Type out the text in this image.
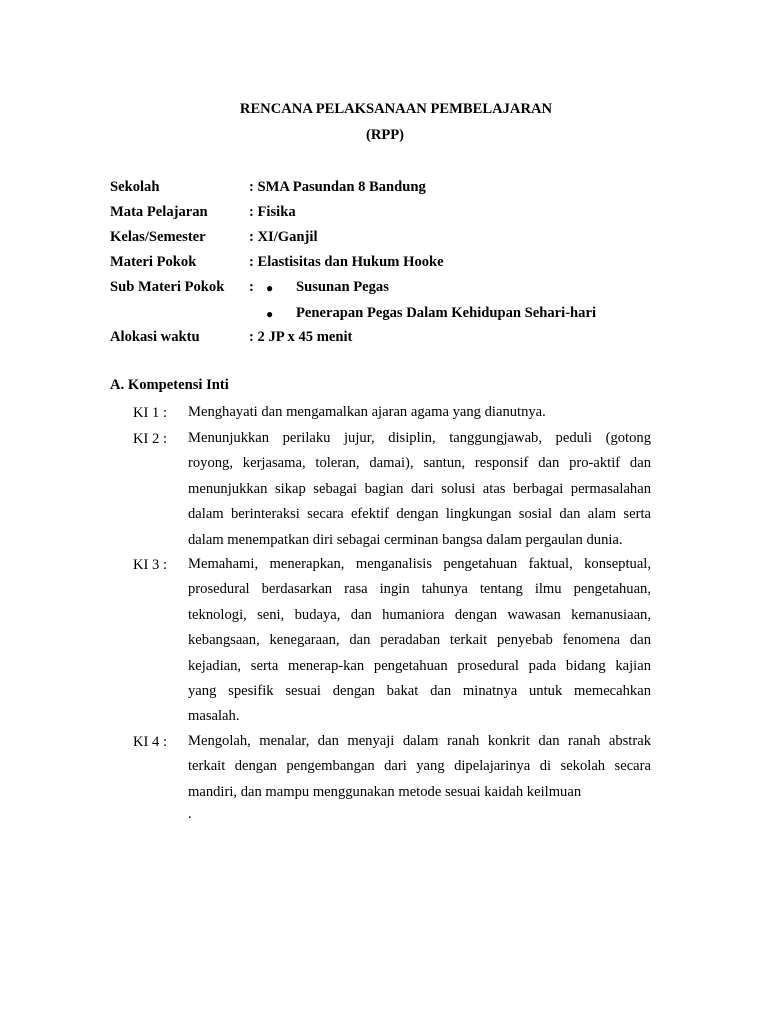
RENCANA PELAKSANAAN PEMBELAJARAN
(RPP)
Sekolah	: SMA Pasundan 8 Bandung
Mata Pelajaran	: Fisika
Kelas/Semester	: XI/Ganjil
Materi Pokok	: Elastisitas dan Hukum Hooke
Sub Materi Pokok : ● Susunan Pegas
● Penerapan Pegas Dalam Kehidupan Sehari-hari
Alokasi waktu	: 2 JP x 45 menit
A. Kompetensi Inti
KI 1 : Menghayati dan mengamalkan ajaran agama yang dianutnya.
KI 2 : Menunjukkan perilaku jujur, disiplin, tanggungjawab, peduli (gotong
royong, kerjasama, toleran, damai), santun, responsif dan pro-aktif dan
menunjukkan sikap sebagai bagian dari solusi atas berbagai permasalahan
dalam berinteraksi secara efektif dengan lingkungan sosial dan alam serta
dalam menempatkan diri sebagai cerminan bangsa dalam pergaulan dunia.
KI 3 : Memahami, menerapkan, menganalisis pengetahuan faktual, konseptual,
prosedural berdasarkan rasa ingin tahunya tentang ilmu pengetahuan,
teknologi, seni, budaya, dan humaniora dengan wawasan kemanusiaan,
kebangsaan, kenegaraan, dan peradaban terkait penyebab fenomena dan
kejadian, serta menerap-kan pengetahuan prosedural pada bidang kajian
yang spesifik sesuai dengan bakat dan minatnya untuk memecahkan
masalah.
KI 4 : Mengolah, menalar, dan menyaji dalam ranah konkrit dan ranah abstrak
terkait dengan pengembangan dari yang dipelajarinya di sekolah secara
mandiri, dan mampu menggunakan metode sesuai kaidah keilmuan
.
